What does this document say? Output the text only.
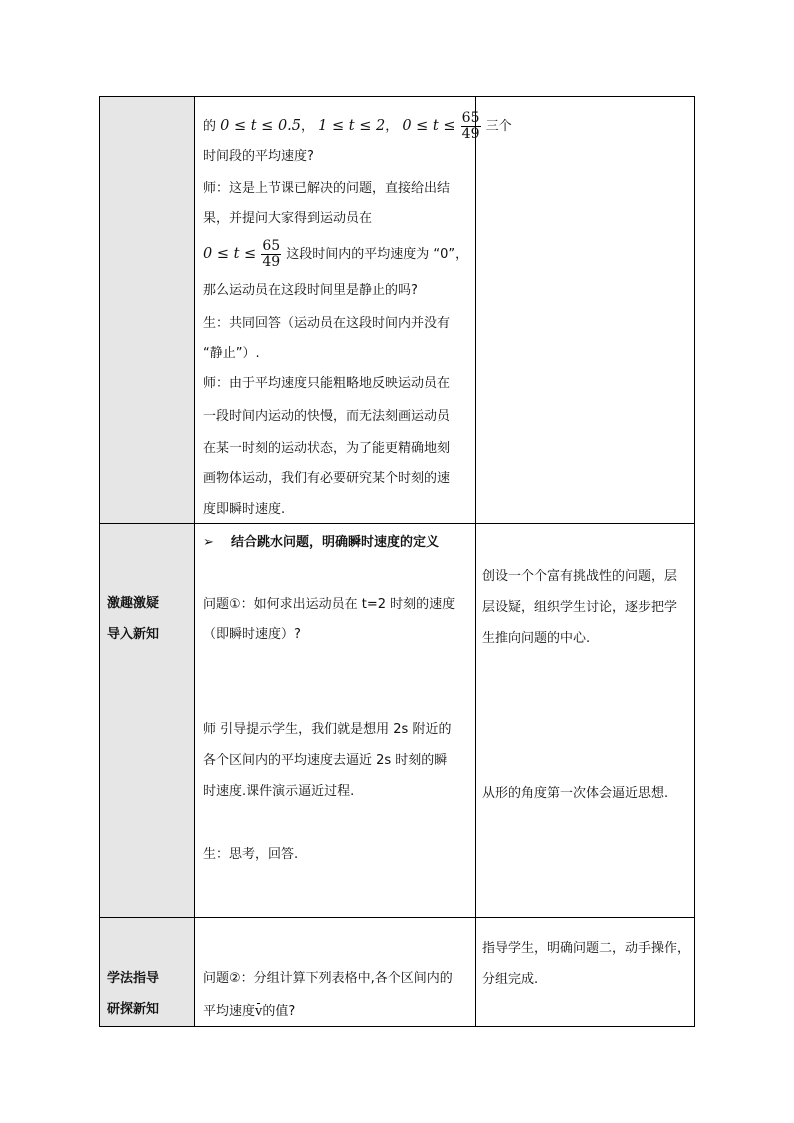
的 0 ≤ t ≤ 0.5， 1 ≤ t ≤ 2， $0 \le t \le \frac{65}{49}$ 三个
时间段的平均速度?
师：这是上节课已解决的问题，直接给出结
果，并提问大家得到运动员在
$0 \le t \le \frac{65}{49}$ 这段时间内的平均速度为 “0”，
那么运动员在这段时间里是静止的吗?
生：共同回答（运动员在这段时间内并没有
“静止”）.
师：由于平均速度只能粗略地反映运动员在
一段时间内运动的快慢，而无法刻画运动员
在某一时刻的运动状态，为了能更精确地刻
画物体运动，我们有必要研究某个时刻的速
度即瞬时速度.
激趣激疑
导入新知
➢ 结合跳水问题，明确瞬时速度的定义
问题①：如何求出运动员在 t=2 时刻的速度
（即瞬时速度）?
师 引导提示学生，我们就是想用 2s 附近的
各个区间内的平均速度去逼近 2s 时刻的瞬
时速度.课件演示逼近过程.
生：思考，回答.
创设一个个富有挑战性的问题，层
层设疑，组织学生讨论，逐步把学
生推向问题的中心.
从形的角度第一次体会逼近思想.
学法指导
研探新知
问题②：分组计算下列表格中,各个区间内的
平均速度v的值?
指导学生，明确问题二，动手操作，
分组完成.
